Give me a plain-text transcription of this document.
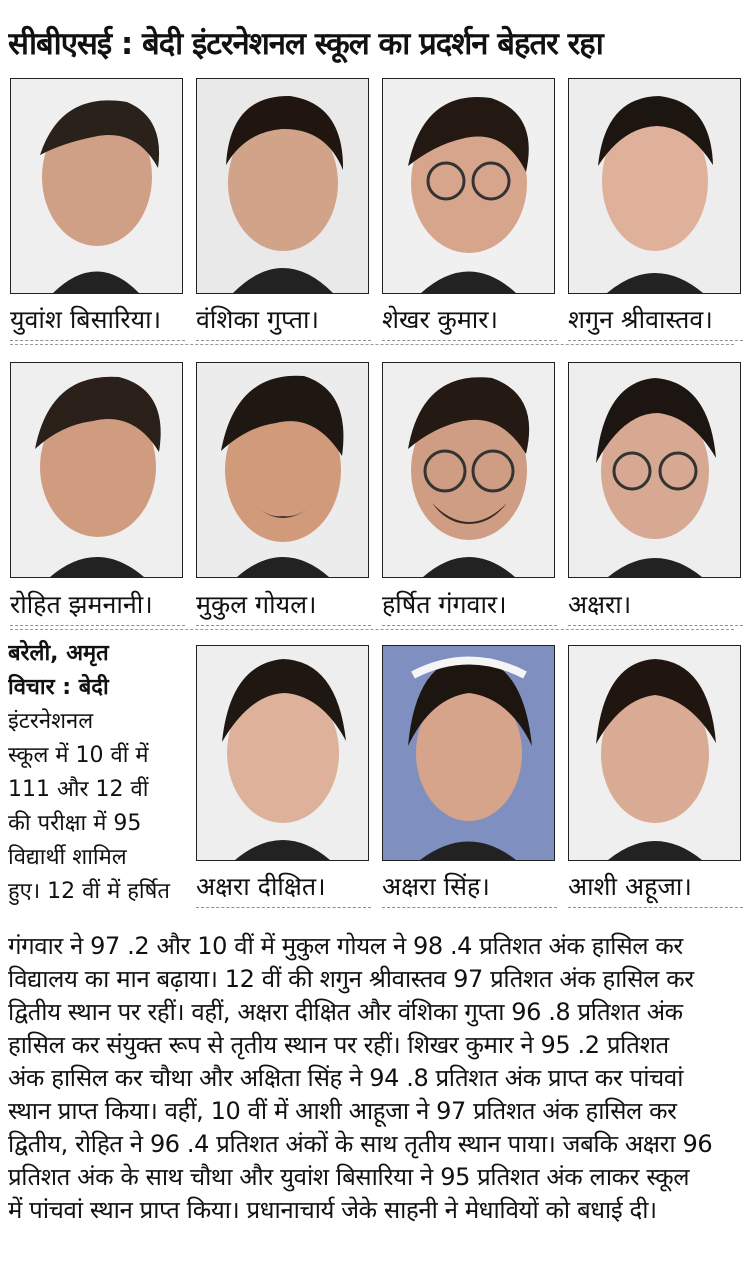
सीबीएसई : बेदी इंटरनेशनल स्कूल का प्रदर्शन बेहतर रहा
युवांश बिसारिया।	वंशिका गुप्ता।	शेखर कुमार।	शगुन श्रीवास्तव।
रोहित झमनानी।	मुकुल गोयल।	हर्षित गंगवार।	अक्षरा।
बरेली, अमृत
विचार : बेदी
इंटरनेशनल
स्कूल में 10 वीं में
111 और 12 वीं
की परीक्षा में 95
विद्यार्थी शामिल
हुए। 12 वीं में हर्षित	अक्षरा दीक्षित।	अक्षरा सिंह।	आशी अहूजा।
गंगवार ने 97 .2 और 10 वीं में मुकुल गोयल ने 98 .4 प्रतिशत अंक हासिल कर
विद्यालय का मान बढ़ाया। 12 वीं की शगुन श्रीवास्तव 97 प्रतिशत अंक हासिल कर
द्वितीय स्थान पर रहीं। वहीं, अक्षरा दीक्षित और वंशिका गुप्ता 96 .8 प्रतिशत अंक
हासिल कर संयुक्त रूप से तृतीय स्थान पर रहीं। शिखर कुमार ने 95 .2 प्रतिशत
अंक हासिल कर चौथा और अक्षिता सिंह ने 94 .8 प्रतिशत अंक प्राप्त कर पांचवां
स्थान प्राप्त किया। वहीं, 10 वीं में आशी आहूजा ने 97 प्रतिशत अंक हासिल कर
द्वितीय, रोहित ने 96 .4 प्रतिशत अंकों के साथ तृतीय स्थान पाया। जबकि अक्षरा 96
प्रतिशत अंक के साथ चौथा और युवांश बिसारिया ने 95 प्रतिशत अंक लाकर स्कूल
में पांचवां स्थान प्राप्त किया। प्रधानाचार्य जेके साहनी ने मेधावियों को बधाई दी।
